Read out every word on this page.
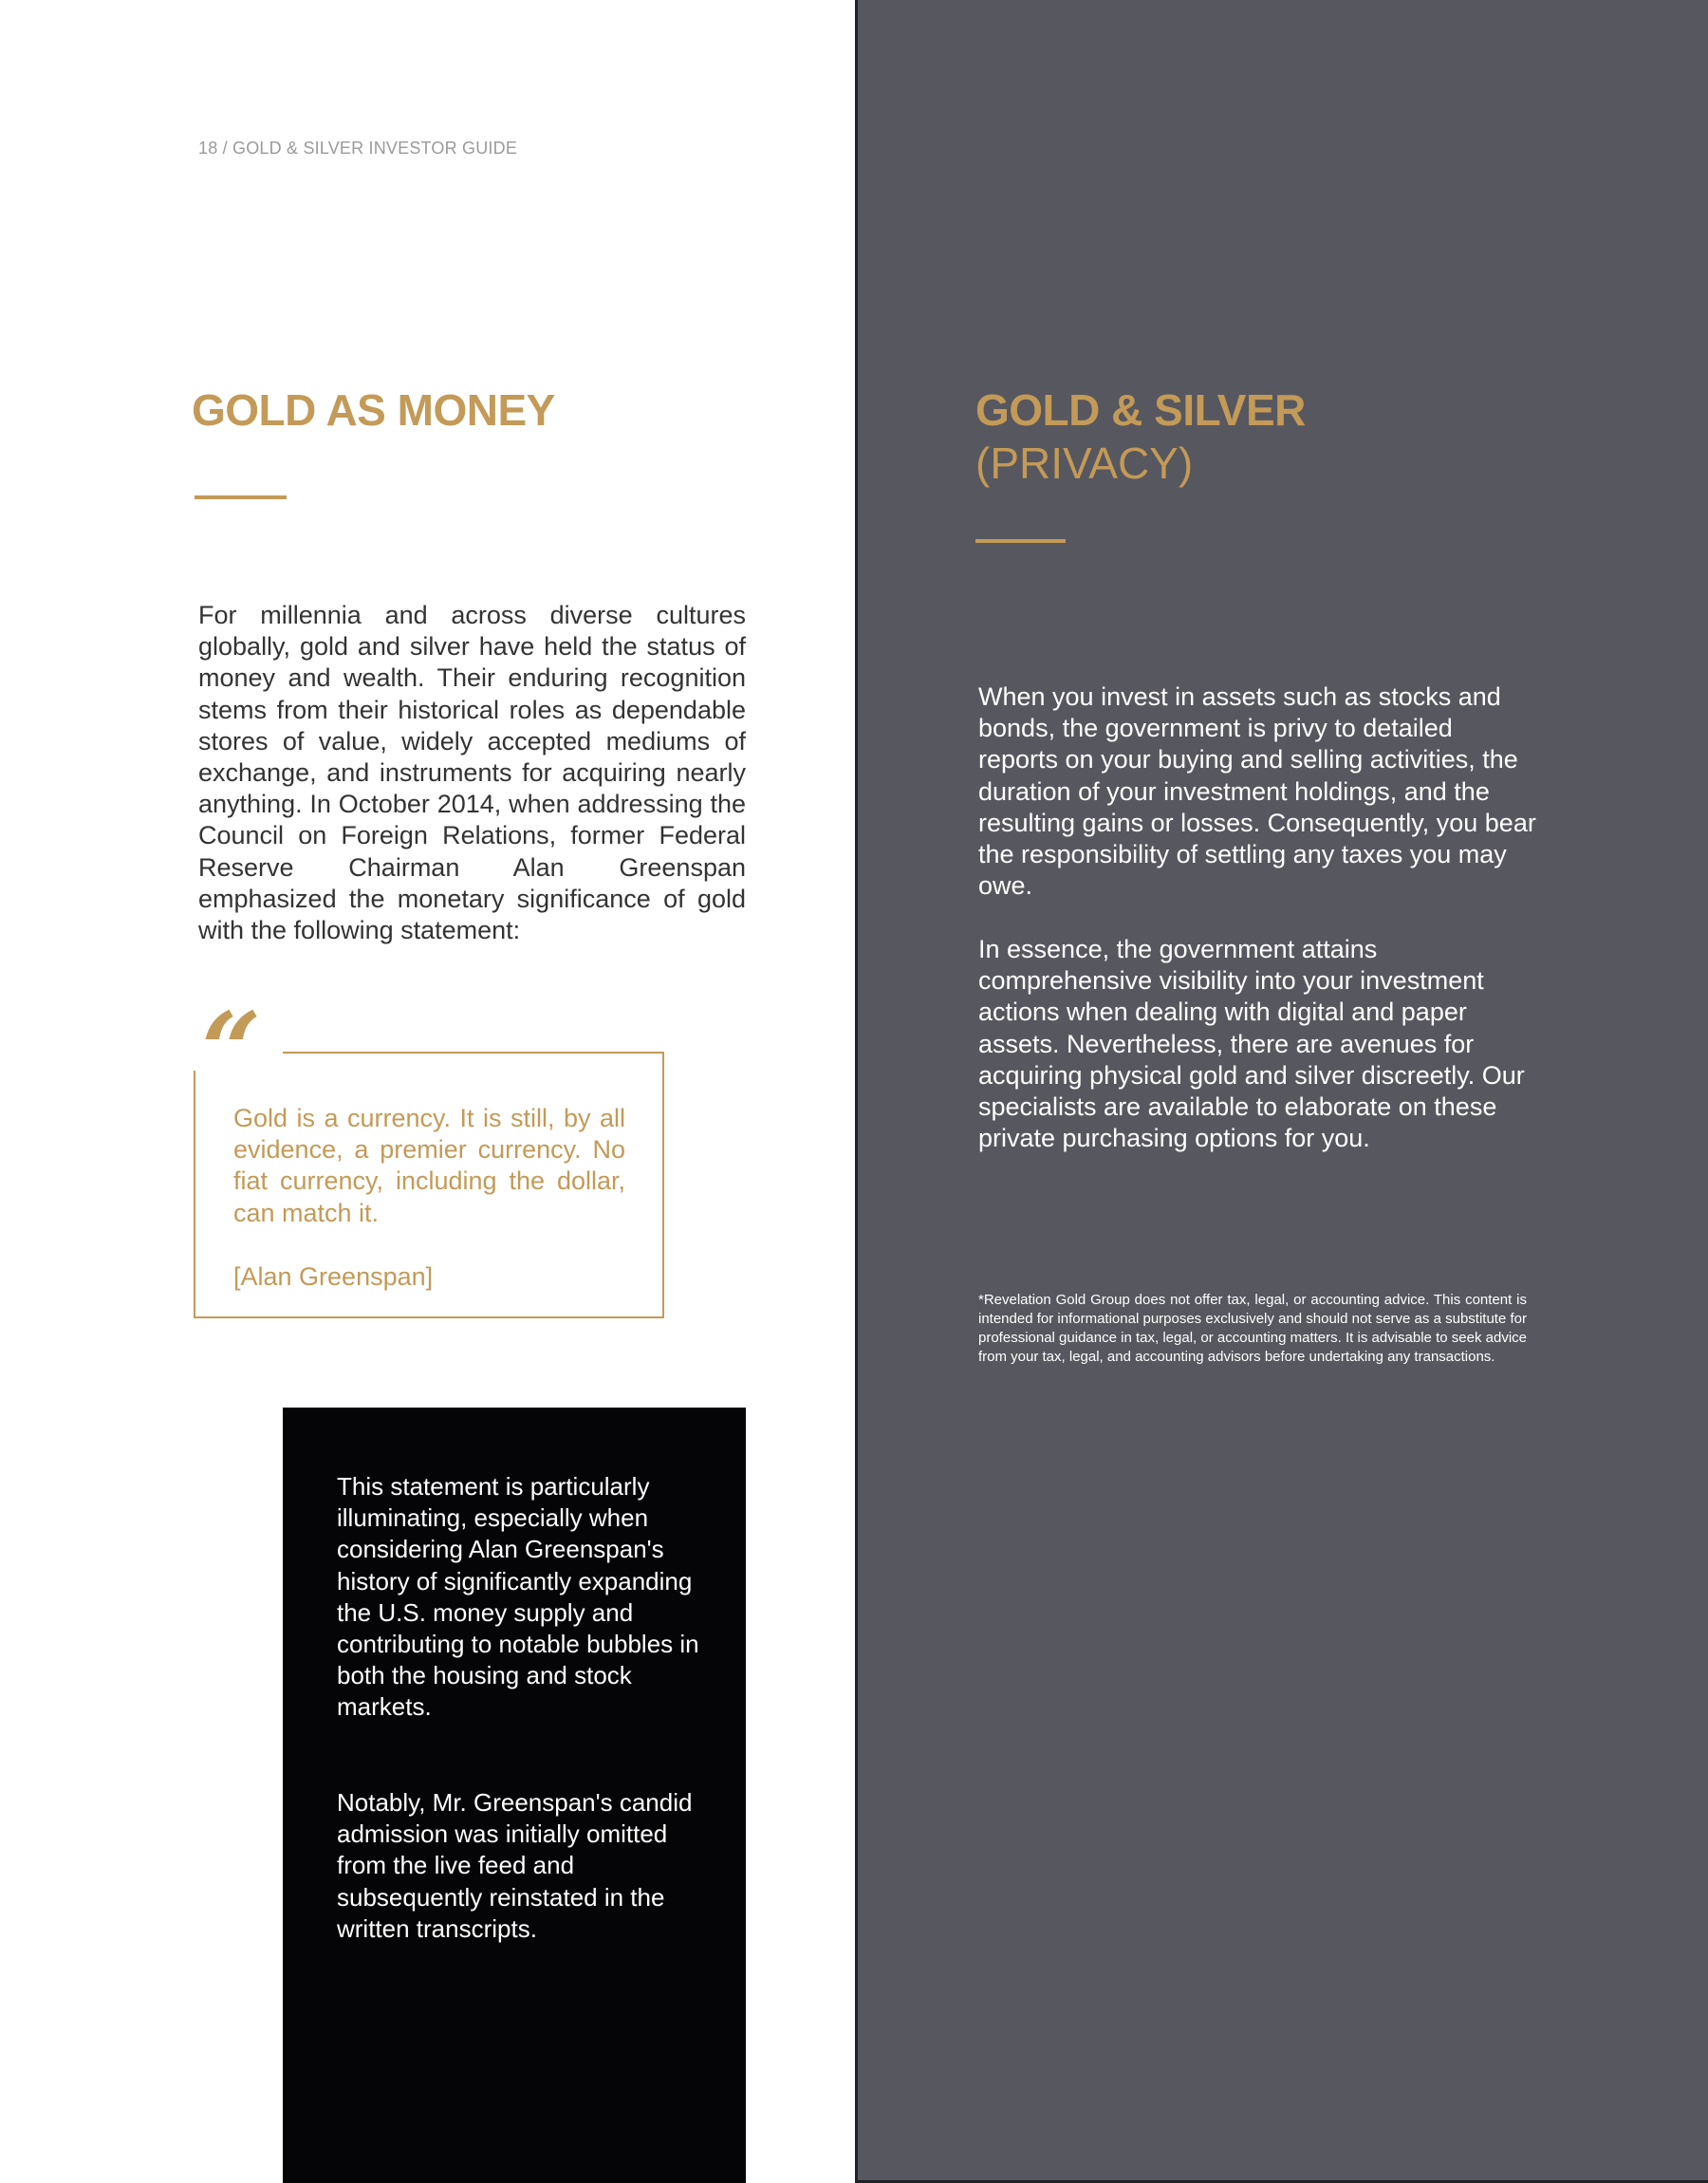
18 / GOLD & SILVER INVESTOR GUIDE
GOLD AS MONEY

For millennia and across diverse cultures globally, gold and silver have held the status of money and wealth. Their enduring recognition stems from their historical roles as dependable stores of value, widely accepted mediums of exchange, and instruments for acquiring nearly anything. In October 2014, when addressing the Council on Foreign Relations, former Federal Reserve Chairman Alan Greenspan emphasized the monetary significance of gold with the following statement:

“

Gold is a currency. It is still, by all evidence, a premier currency. No fiat currency, including the dollar, can match it.

[Alan Greenspan]

This statement is particularly illuminating, especially when considering Alan Greenspan's history of significantly expanding the U.S. money supply and contributing to notable bubbles in both the housing and stock markets.

Notably, Mr. Greenspan's candid admission was initially omitted from the live feed and subsequently reinstated in the written transcripts.

GOLD & SILVER
(PRIVACY)

When you invest in assets such as stocks and bonds, the government is privy to detailed reports on your buying and selling activities, the duration of your investment holdings, and the resulting gains or losses. Consequently, you bear the responsibility of settling any taxes you may owe.

In essence, the government attains comprehensive visibility into your investment actions when dealing with digital and paper assets. Nevertheless, there are avenues for acquiring physical gold and silver discreetly. Our specialists are available to elaborate on these private purchasing options for you.

*Revelation Gold Group does not offer tax, legal, or accounting advice. This content is intended for informational purposes exclusively and should not serve as a substitute for professional guidance in tax, legal, or accounting matters. It is advisable to seek advice from your tax, legal, and accounting advisors before undertaking any transactions.
